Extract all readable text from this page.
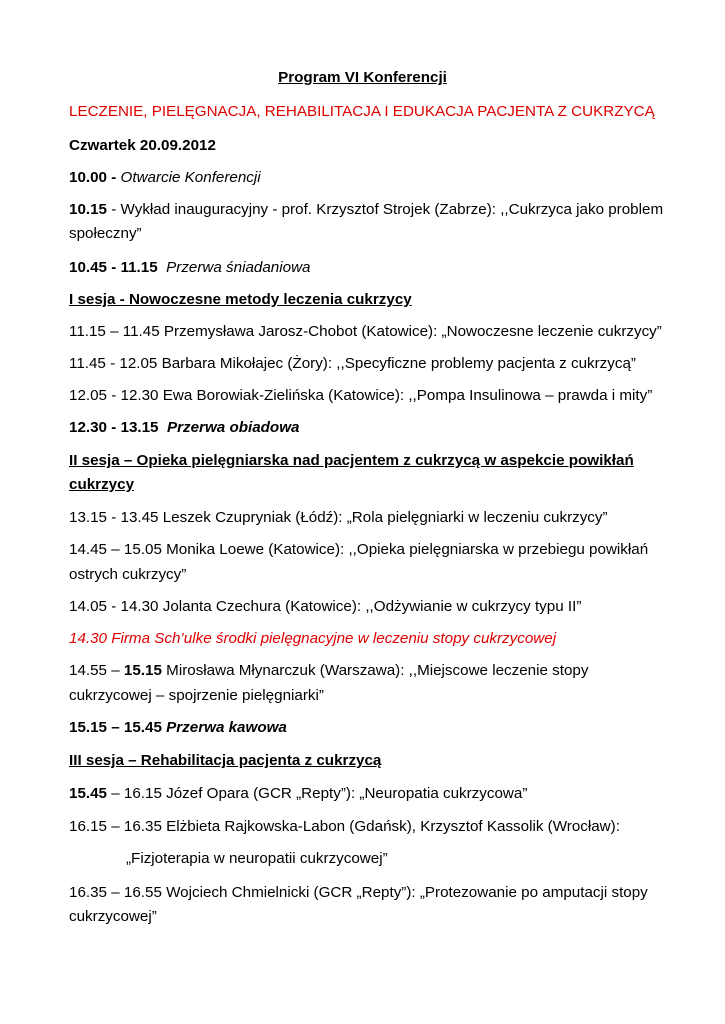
Program VI Konferencji

LECZENIE, PIELĘGNACJA, REHABILITACJA I EDUKACJA PACJENTA Z CUKRZYCĄ

Czwartek 20.09.2012

10.00 - Otwarcie Konferencji

10.15 - Wykład inauguracyjny - prof. Krzysztof Strojek (Zabrze): ,,Cukrzyca jako problem

społeczny”

10.45 - 11.15 Przerwa śniadaniowa

I sesja - Nowoczesne metody leczenia cukrzycy

11.15 – 11.45 Przemysława Jarosz-Chobot (Katowice): „Nowoczesne leczenie cukrzycy”

11.45 - 12.05 Barbara Mikołajec (Żory): ,,Specyficzne problemy pacjenta z cukrzycą”

12.05 - 12.30 Ewa Borowiak-Zielińska (Katowice): ,,Pompa Insulinowa – prawda i mity”

12.30 - 13.15 Przerwa obiadowa

II sesja – Opieka pielęgniarska nad pacjentem z cukrzycą w aspekcie powikłań

cukrzycy

13.15 - 13.45 Leszek Czupryniak (Łódź): „Rola pielęgniarki w leczeniu cukrzycy”

14.45 – 15.05 Monika Loewe (Katowice): ,,Opieka pielęgniarska w przebiegu powikłań

ostrych cukrzycy”

14.05 - 14.30 Jolanta Czechura (Katowice): ,,Odżywianie w cukrzycy typu II”

14.30 Firma Sch’ulke środki pielęgnacyjne w leczeniu stopy cukrzycowej

14.55 – 15.15 Mirosława Młynarczuk (Warszawa): ,,Miejscowe leczenie stopy

cukrzycowej – spojrzenie pielęgniarki”

15.15 – 15.45 Przerwa kawowa

III sesja – Rehabilitacja pacjenta z cukrzycą

15.45 – 16.15 Józef Opara (GCR „Repty”): „Neuropatia cukrzycowa”

16.15 – 16.35 Elżbieta Rajkowska-Labon (Gdańsk), Krzysztof Kassolik (Wrocław):

„Fizjoterapia w neuropatii cukrzycowej”

16.35 – 16.55 Wojciech Chmielnicki (GCR „Repty”): „Protezowanie po amputacji stopy

cukrzycowej”
